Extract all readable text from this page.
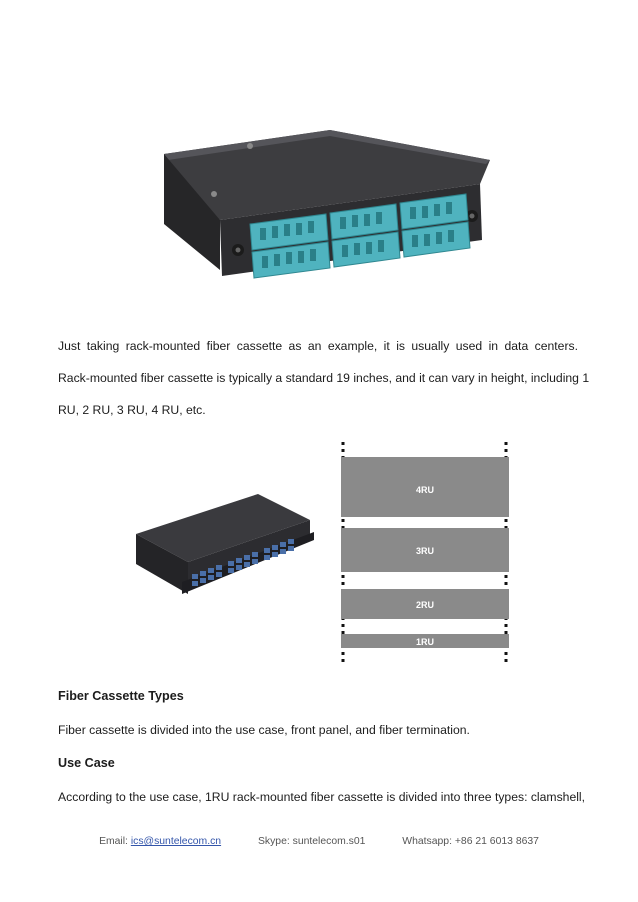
Just taking rack-mounted fiber cassette as an example, it is usually used in data centers.
Rack-mounted fiber cassette is typically a standard 19 inches, and it can vary in height, including 1
RU, 2 RU, 3 RU, 4 RU, etc.
4RU
3RU
2RU
1RU
Fiber Cassette Types
Fiber cassette is divided into the use case, front panel, and fiber termination.
Use Case
According to the use case, 1RU rack-mounted fiber cassette is divided into three types: clamshell,
Email: ics@suntelecom.cn	Skype: suntelecom.s01	Whatsapp: +86 21 6013 8637
